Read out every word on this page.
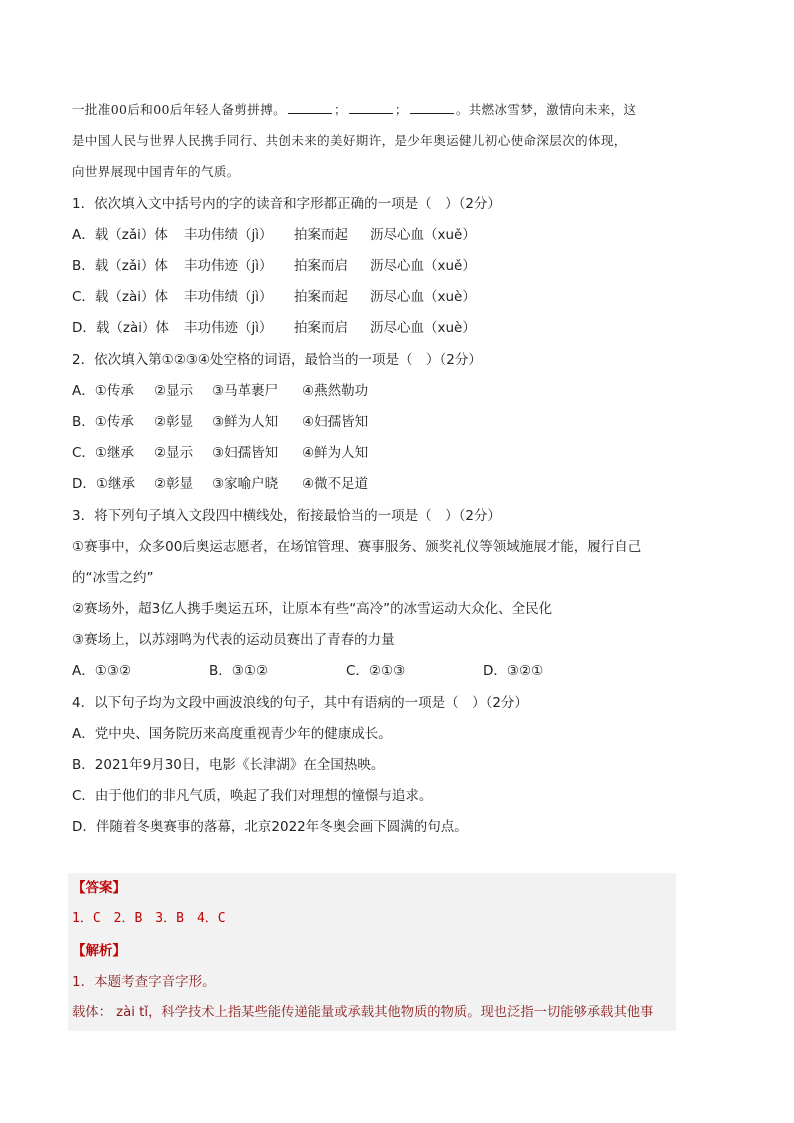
一批准00后和00后年轻人备剪拼搏。	；	；	。共燃冰雪梦，激情向未来，这
是中国人民与世界人民携手同行、共创未来的美好期许，是少年奥运健儿初心使命深层次的体现，
向世界展现中国青年的气质。
1．依次填入文中括号内的字的读音和字形都正确的一项是（　）（2分）
A．载（zǎi）体 丰功伟绩（jì） 拍案而起 沥尽心血（xuě）
B．载（zǎi）体 丰功伟迹（jì） 拍案而启 沥尽心血（xuě）
C．载（zài）体 丰功伟绩（jì） 拍案而起 沥尽心血（xuè）
D．载（zài）体 丰功伟迹（jì） 拍案而启 沥尽心血（xuè）
2．依次填入第①②③④处空格的词语，最恰当的一项是（　）（2分）
A．①传承 ②显示 ③马革裹尸 ④燕然勒功
B．①传承 ②彰显 ③鲜为人知 ④妇孺皆知
C．①继承 ②显示 ③妇孺皆知 ④鲜为人知
D．①继承 ②彰显 ③家喻户晓 ④微不足道
3．将下列句子填入文段四中横线处，衔接最恰当的一项是（　）（2分）
①赛事中，众多00后奥运志愿者，在场馆管理、赛事服务、颁奖礼仪等领域施展才能，履行自己
的“冰雪之约”
②赛场外，超3亿人携手奥运五环，让原本有些“高冷”的冰雪运动大众化、全民化
③赛场上，以苏翊鸣为代表的运动员赛出了青春的力量
A．①③②	B．③①②	C．②①③	D．③②①
4．以下句子均为文段中画波浪线的句子，其中有语病的一项是（　）（2分）
A．党中央、国务院历来高度重视青少年的健康成长。
B．2021年9月30日，电影《长津湖》在全国热映。
C．由于他们的非凡气质，唤起了我们对理想的憧憬与追求。
D．伴随着冬奥赛事的落幕，北京2022年冬奥会画下圆满的句点。
【答案】
1．C　2．B　3．B　4．C
【解析】
1．本题考查字音字形。
载体： zài tǐ，科学技术上指某些能传递能量或承载其他物质的物质。现也泛指一切能够承载其他事
